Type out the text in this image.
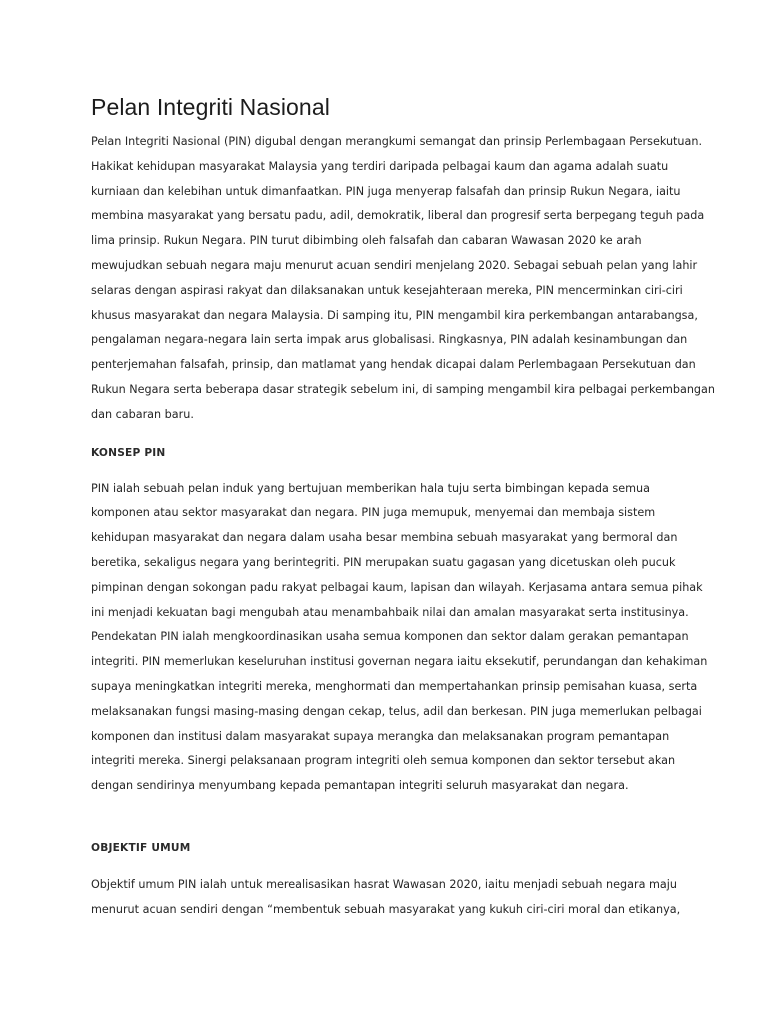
Pelan Integriti Nasional

Pelan Integriti Nasional (PIN) digubal dengan merangkumi semangat dan prinsip Perlembagaan Persekutuan.
Hakikat kehidupan masyarakat Malaysia yang terdiri daripada pelbagai kaum dan agama adalah suatu
kurniaan dan kelebihan untuk dimanfaatkan. PIN juga menyerap falsafah dan prinsip Rukun Negara, iaitu
membina masyarakat yang bersatu padu, adil, demokratik, liberal dan progresif serta berpegang teguh pada
lima prinsip. Rukun Negara. PIN turut dibimbing oleh falsafah dan cabaran Wawasan 2020 ke arah
mewujudkan sebuah negara maju menurut acuan sendiri menjelang 2020. Sebagai sebuah pelan yang lahir
selaras dengan aspirasi rakyat dan dilaksanakan untuk kesejahteraan mereka, PIN mencerminkan ciri-ciri
khusus masyarakat dan negara Malaysia. Di samping itu, PIN mengambil kira perkembangan antarabangsa,
pengalaman negara-negara lain serta impak arus globalisasi. Ringkasnya, PIN adalah kesinambungan dan
penterjemahan falsafah, prinsip, dan matlamat yang hendak dicapai dalam Perlembagaan Persekutuan dan
Rukun Negara serta beberapa dasar strategik sebelum ini, di samping mengambil kira pelbagai perkembangan
dan cabaran baru.

KONSEP PIN

PIN ialah sebuah pelan induk yang bertujuan memberikan hala tuju serta bimbingan kepada semua
komponen atau sektor masyarakat dan negara. PIN juga memupuk, menyemai dan membaja sistem
kehidupan masyarakat dan negara dalam usaha besar membina sebuah masyarakat yang bermoral dan
beretika, sekaligus negara yang berintegriti. PIN merupakan suatu gagasan yang dicetuskan oleh pucuk
pimpinan dengan sokongan padu rakyat pelbagai kaum, lapisan dan wilayah. Kerjasama antara semua pihak
ini menjadi kekuatan bagi mengubah atau menambahbaik nilai dan amalan masyarakat serta institusinya.
Pendekatan PIN ialah mengkoordinasikan usaha semua komponen dan sektor dalam gerakan pemantapan
integriti. PIN memerlukan keseluruhan institusi governan negara iaitu eksekutif, perundangan dan kehakiman
supaya meningkatkan integriti mereka, menghormati dan mempertahankan prinsip pemisahan kuasa, serta
melaksanakan fungsi masing-masing dengan cekap, telus, adil dan berkesan. PIN juga memerlukan pelbagai
komponen dan institusi dalam masyarakat supaya merangka dan melaksanakan program pemantapan
integriti mereka. Sinergi pelaksanaan program integriti oleh semua komponen dan sektor tersebut akan
dengan sendirinya menyumbang kepada pemantapan integriti seluruh masyarakat dan negara.

OBJEKTIF UMUM

Objektif umum PIN ialah untuk merealisasikan hasrat Wawasan 2020, iaitu menjadi sebuah negara maju
menurut acuan sendiri dengan “membentuk sebuah masyarakat yang kukuh ciri-ciri moral dan etikanya,
